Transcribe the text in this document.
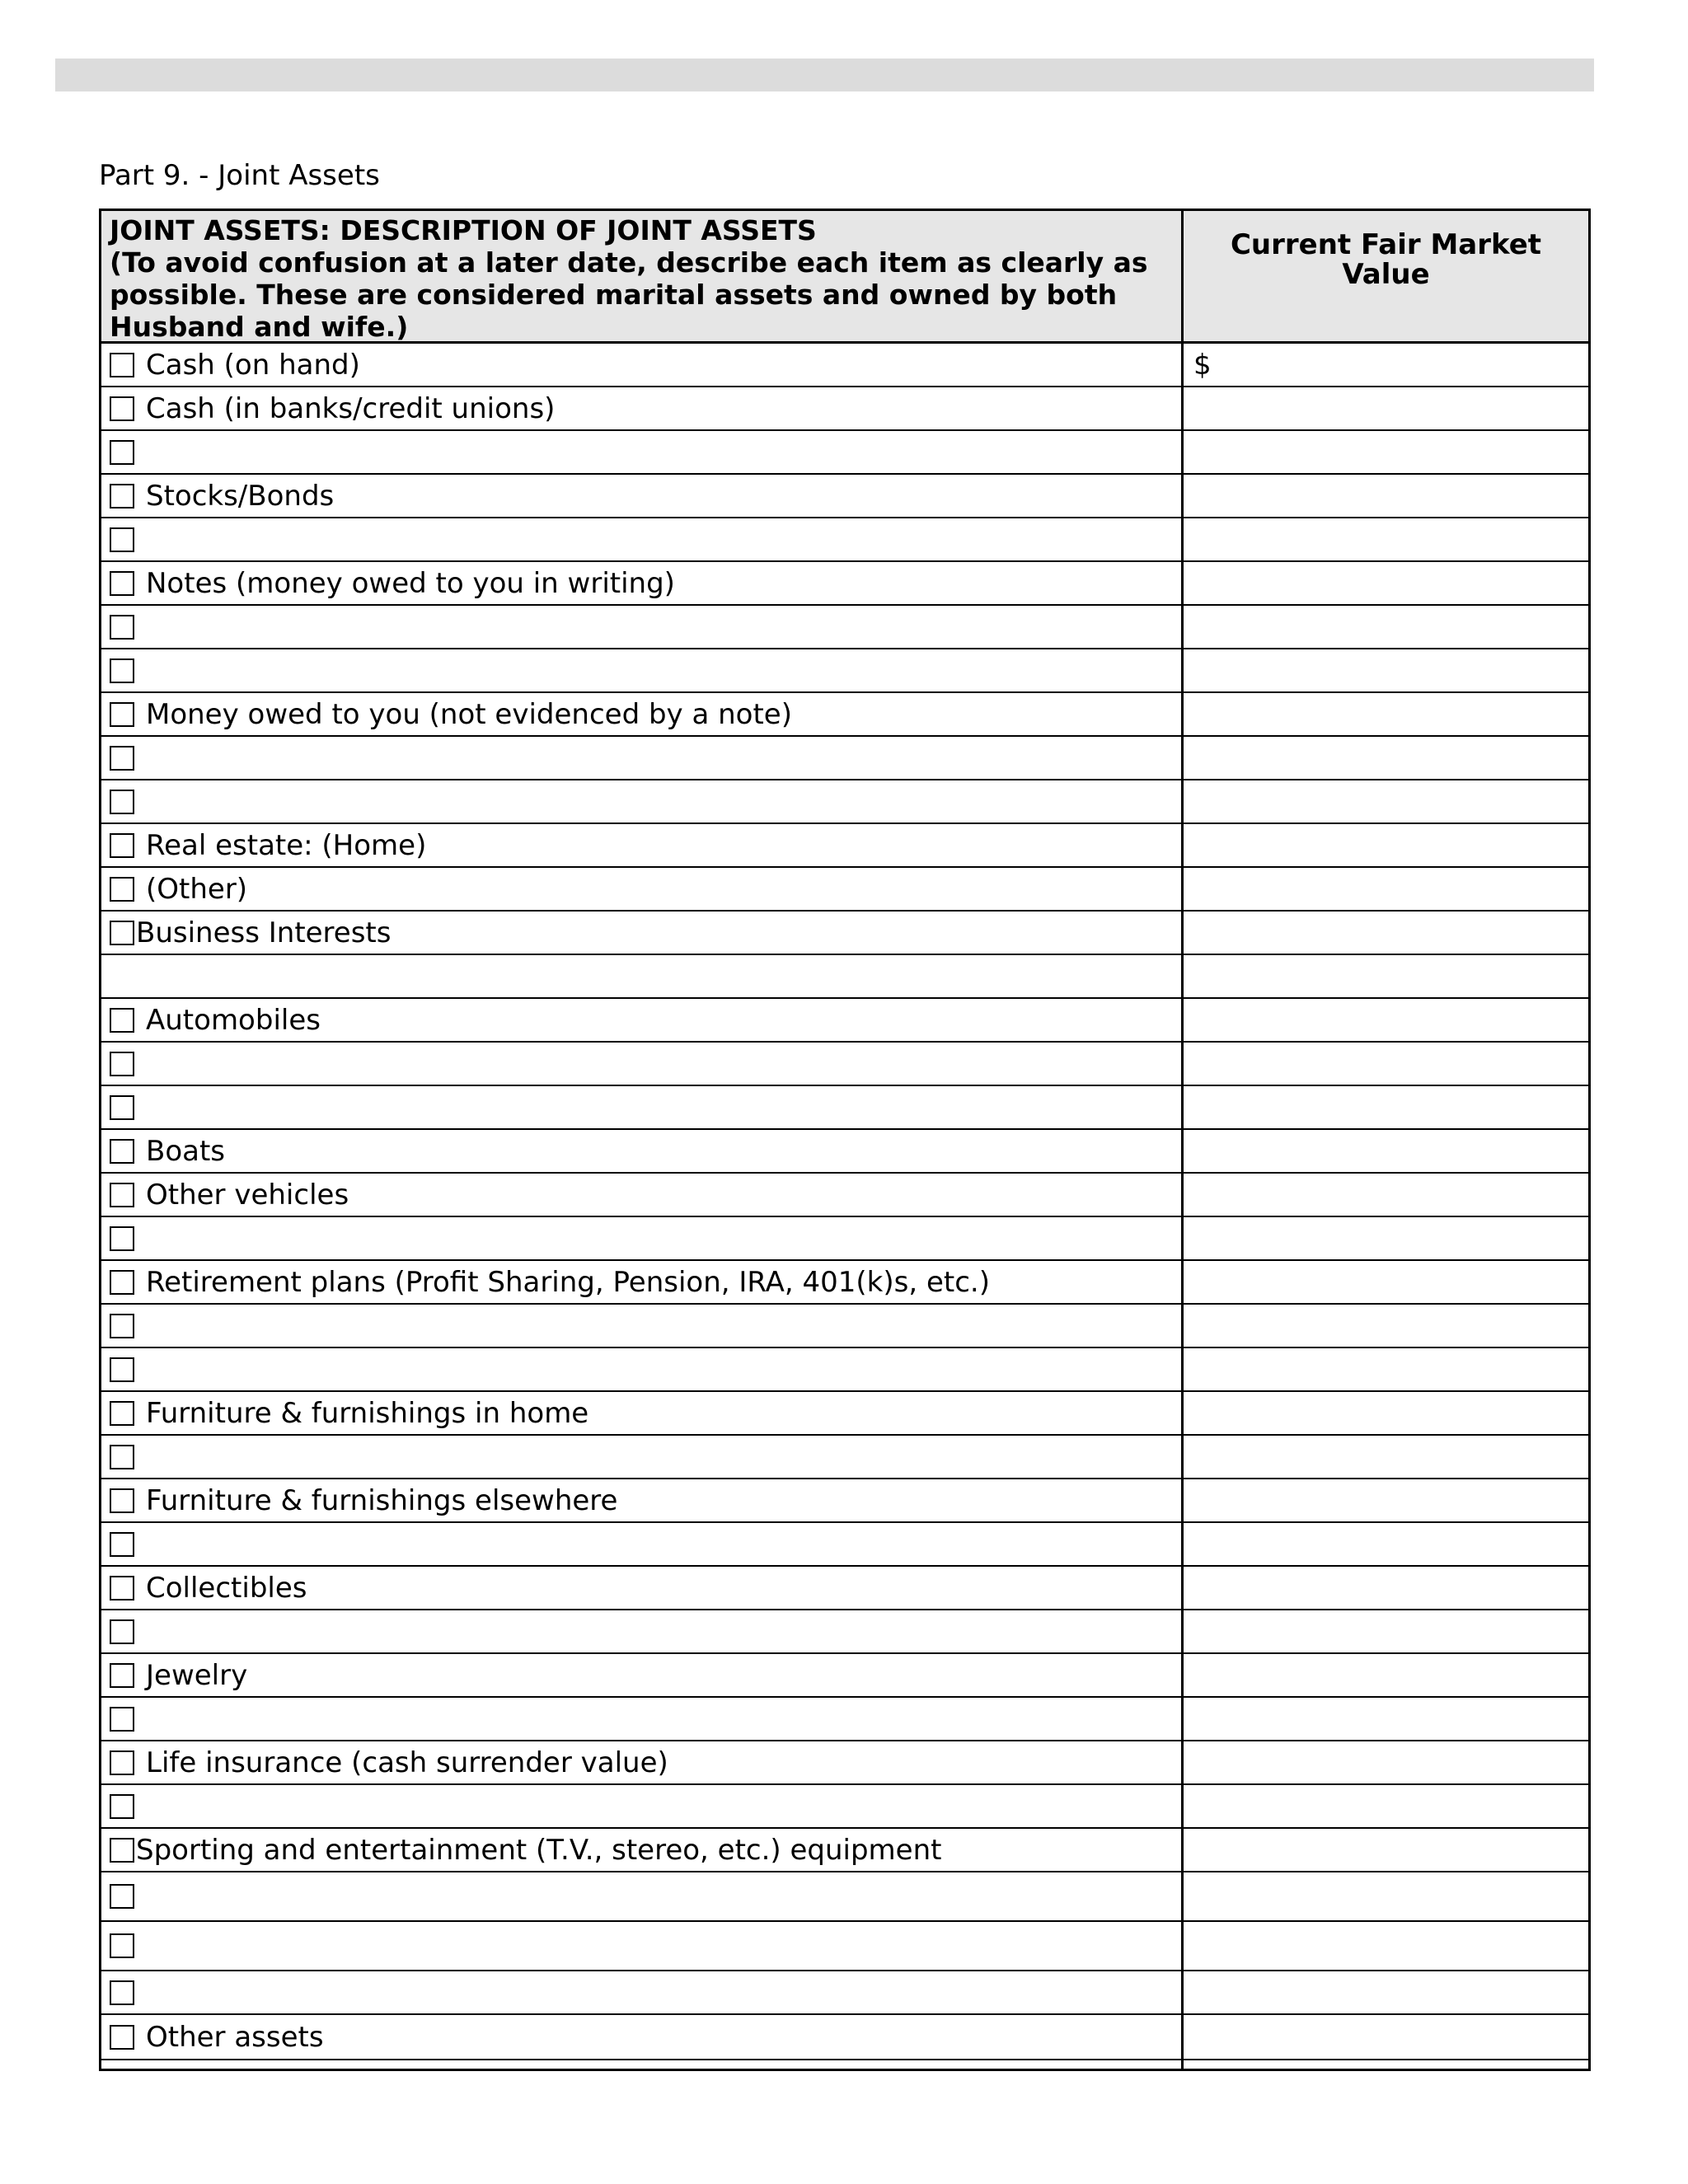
Part 9. - Joint Assets
JOINT ASSETS: DESCRIPTION OF JOINT ASSETS
(To avoid confusion at a later date, describe each item as clearly as
possible. These are considered marital assets and owned by both
Husband and wife.)
Current Fair Market
Value
Cash (on hand)	$
Cash (in banks/credit unions)
Stocks/Bonds
Notes (money owed to you in writing)
Money owed to you (not evidenced by a note)
Real estate: (Home)
(Other)
Business Interests
Automobiles
Boats
Other vehicles
Retirement plans (Profit Sharing, Pension, IRA, 401(k)s, etc.)
Furniture & furnishings in home
Furniture & furnishings elsewhere
Collectibles
Jewelry
Life insurance (cash surrender value)
Sporting and entertainment (T.V., stereo, etc.) equipment
Other assets
